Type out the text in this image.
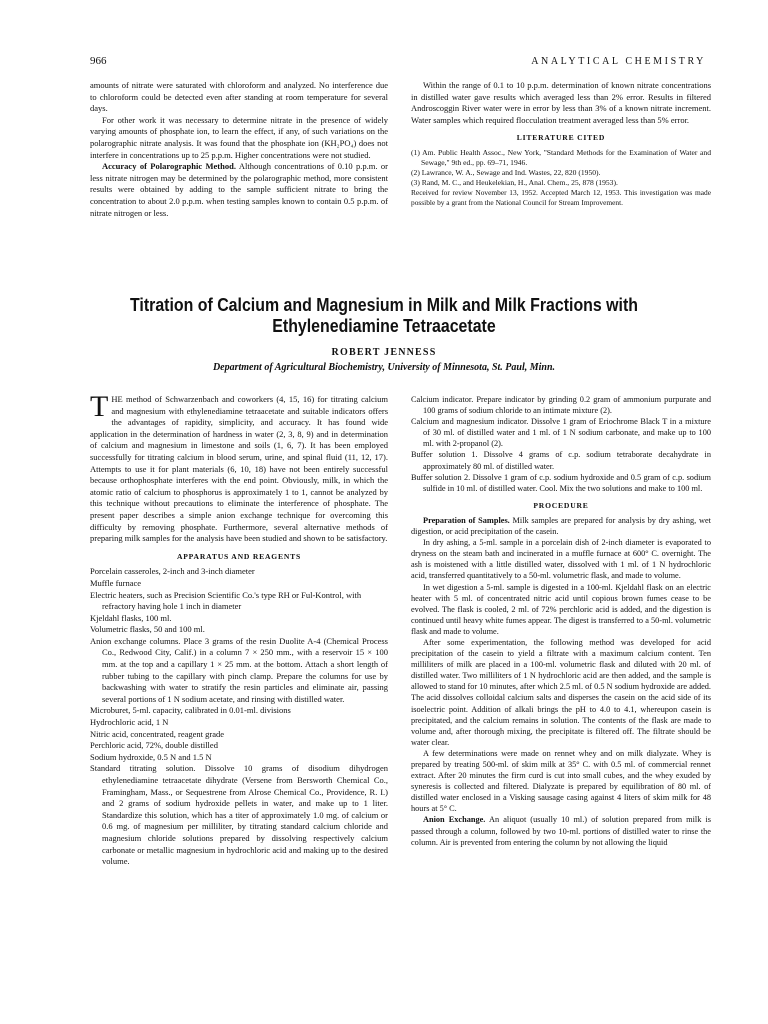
966	ANALYTICAL CHEMISTRY

amounts of nitrate were saturated with chloroform and analyzed. No interference due to chloroform could be detected even after standing at room temperature for several days.

For other work it was necessary to determine nitrate in the presence of widely varying amounts of phosphate ion, to learn the effect, if any, of such variations on the polarographic nitrate analysis. It was found that the phosphate ion (KH₂PO₄) does not interfere in concentrations up to 25 p.p.m. Higher concentrations were not studied.

Accuracy of Polarographic Method. Although concentrations of 0.10 p.p.m. or less nitrate nitrogen may be determined by the polarographic method, more consistent results were obtained by adding to the sample sufficient nitrate to bring the concentration to about 2.0 p.p.m. when testing samples known to contain 0.5 p.p.m. of nitrate nitrogen or less.

Within the range of 0.1 to 10 p.p.m. determination of known nitrate concentrations in distilled water gave results which averaged less than 2% error. Results in filtered Androscoggin River water were in error by less than 3% of a known nitrate increment. Water samples which required flocculation treatment averaged less than 5% error.

LITERATURE CITED

(1) Am. Public Health Assoc., New York, "Standard Methods for the Examination of Water and Sewage," 9th ed., pp. 69–71, 1946.

(2) Lawrance, W. A., Sewage and Ind. Wastes, 22, 820 (1950).

(3) Rand, M. C., and Heukelekian, H., Anal. Chem., 25, 878 (1953).

Received for review November 13, 1952. Accepted March 12, 1953. This investigation was made possible by a grant from the National Council for Stream Improvement.

Titration of Calcium and Magnesium in Milk and Milk Fractions with Ethylenediamine Tetraacetate
ROBERT JENNESS
Department of Agricultural Biochemistry, University of Minnesota, St. Paul, Minn.

THE method of Schwarzenbach and coworkers (4, 15, 16) for titrating calcium and magnesium with ethylenediamine tetraacetate and suitable indicators offers the advantages of rapidity, simplicity, and accuracy. It has found wide application in the determination of hardness in water (2, 3, 8, 9) and in determination of calcium and magnesium in limestone and soils (1, 6, 7). It has been employed successfully for titrating calcium in blood serum, urine, and spinal fluid (11, 12, 17). Attempts to use it for plant materials (6, 10, 18) have not been entirely successful because orthophosphate interferes with the end point. Obviously, milk, in which the atomic ratio of calcium to phosphorus is approximately 1 to 1, cannot be analyzed by this technique without precautions to eliminate the interference of phosphate. The present paper describes a simple anion exchange technique for overcoming this difficulty by removing phosphate. Furthermore, several alternative methods of preparing milk samples for the analysis have been studied and shown to be satisfactory.

APPARATUS AND REAGENTS

Porcelain casseroles, 2-inch and 3-inch diameter

Muffle furnace

Electric heaters, such as Precision Scientific Co.'s type RH or Ful-Kontrol, with refractory having hole 1 inch in diameter

Kjeldahl flasks, 100 ml.

Volumetric flasks, 50 and 100 ml.

Anion exchange columns. Place 3 grams of the resin Duolite A-4 (Chemical Process Co., Redwood City, Calif.) in a column 7 × 250 mm., with a reservoir 15 × 100 mm. at the top and a capillary 1 × 25 mm. at the bottom. Attach a short length of rubber tubing to the capillary with pinch clamp. Prepare the columns for use by backwashing with water to stratify the resin particles and eliminate air, passing several portions of 1 N sodium acetate, and rinsing with distilled water.

Microburet, 5-ml. capacity, calibrated in 0.01-ml. divisions

Hydrochloric acid, 1 N

Nitric acid, concentrated, reagent grade

Perchloric acid, 72%, double distilled

Sodium hydroxide, 0.5 N and 1.5 N

Standard titrating solution. Dissolve 10 grams of disodium dihydrogen ethylenediamine tetraacetate dihydrate (Versene from Bersworth Chemical Co., Framingham, Mass., or Sequestrene from Alrose Chemical Co., Providence, R. I.) and 2 grams of sodium hydroxide pellets in water, and make up to 1 liter. Standardize this solution, which has a titer of approximately 1.0 mg. of calcium or 0.6 mg. of magnesium per milliliter, by titrating standard calcium chloride and magnesium chloride solutions prepared by dissolving respectively calcium carbonate or metallic magnesium in hydrochloric acid and making up to the desired volume.

Calcium indicator. Prepare indicator by grinding 0.2 gram of ammonium purpurate and 100 grams of sodium chloride to an intimate mixture (2).

Calcium and magnesium indicator. Dissolve 1 gram of Eriochrome Black T in a mixture of 30 ml. of distilled water and 1 ml. of 1 N sodium carbonate, and make up to 100 ml. with 2-propanol (2).

Buffer solution 1. Dissolve 4 grams of c.p. sodium tetraborate decahydrate in approximately 80 ml. of distilled water.

Buffer solution 2. Dissolve 1 gram of c.p. sodium hydroxide and 0.5 gram of c.p. sodium sulfide in 10 ml. of distilled water. Cool. Mix the two solutions and make to 100 ml.

PROCEDURE

Preparation of Samples. Milk samples are prepared for analysis by dry ashing, wet digestion, or acid precipitation of the casein.

In dry ashing, a 5-ml. sample in a porcelain dish of 2-inch diameter is evaporated to dryness on the steam bath and incinerated in a muffle furnace at 600° C. overnight. The ash is moistened with a little distilled water, dissolved with 1 ml. of 1 N hydrochloric acid, transferred quantitatively to a 50-ml. volumetric flask, and made to volume.

In wet digestion a 5-ml. sample is digested in a 100-ml. Kjeldahl flask on an electric heater with 5 ml. of concentrated nitric acid until copious brown fumes cease to be evolved. The flask is cooled, 2 ml. of 72% perchloric acid is added, and the digestion is continued until heavy white fumes appear. The digest is transferred to a 50-ml. volumetric flask and made to volume.

After some experimentation, the following method was developed for acid precipitation of the casein to yield a filtrate with a maximum calcium content. Ten milliliters of milk are placed in a 100-ml. volumetric flask and diluted with 20 ml. of distilled water. Two milliliters of 1 N hydrochloric acid are then added, and the sample is allowed to stand for 10 minutes, after which 2.5 ml. of 0.5 N sodium hydroxide are added. The acid dissolves colloidal calcium salts and disperses the casein on the acid side of its isoelectric point. Addition of alkali brings the pH to 4.0 to 4.1, whereupon casein is precipitated, and the calcium remains in solution. The contents of the flask are made to volume and, after thorough mixing, the precipitate is filtered off. The filtrate should be water clear.

A few determinations were made on rennet whey and on milk dialyzate. Whey is prepared by treating 500-ml. of skim milk at 35° C. with 0.5 ml. of commercial rennet extract. After 20 minutes the firm curd is cut into small cubes, and the whey exuded by syneresis is collected and filtered. Dialyzate is prepared by equilibration of 80 ml. of distilled water enclosed in a Visking sausage casing against 4 liters of skim milk for 48 hours at 5° C.

Anion Exchange. An aliquot (usually 10 ml.) of solution prepared from milk is passed through a column, followed by two 10-ml. portions of distilled water to rinse the column. Air is prevented from entering the column by not allowing the liquid
